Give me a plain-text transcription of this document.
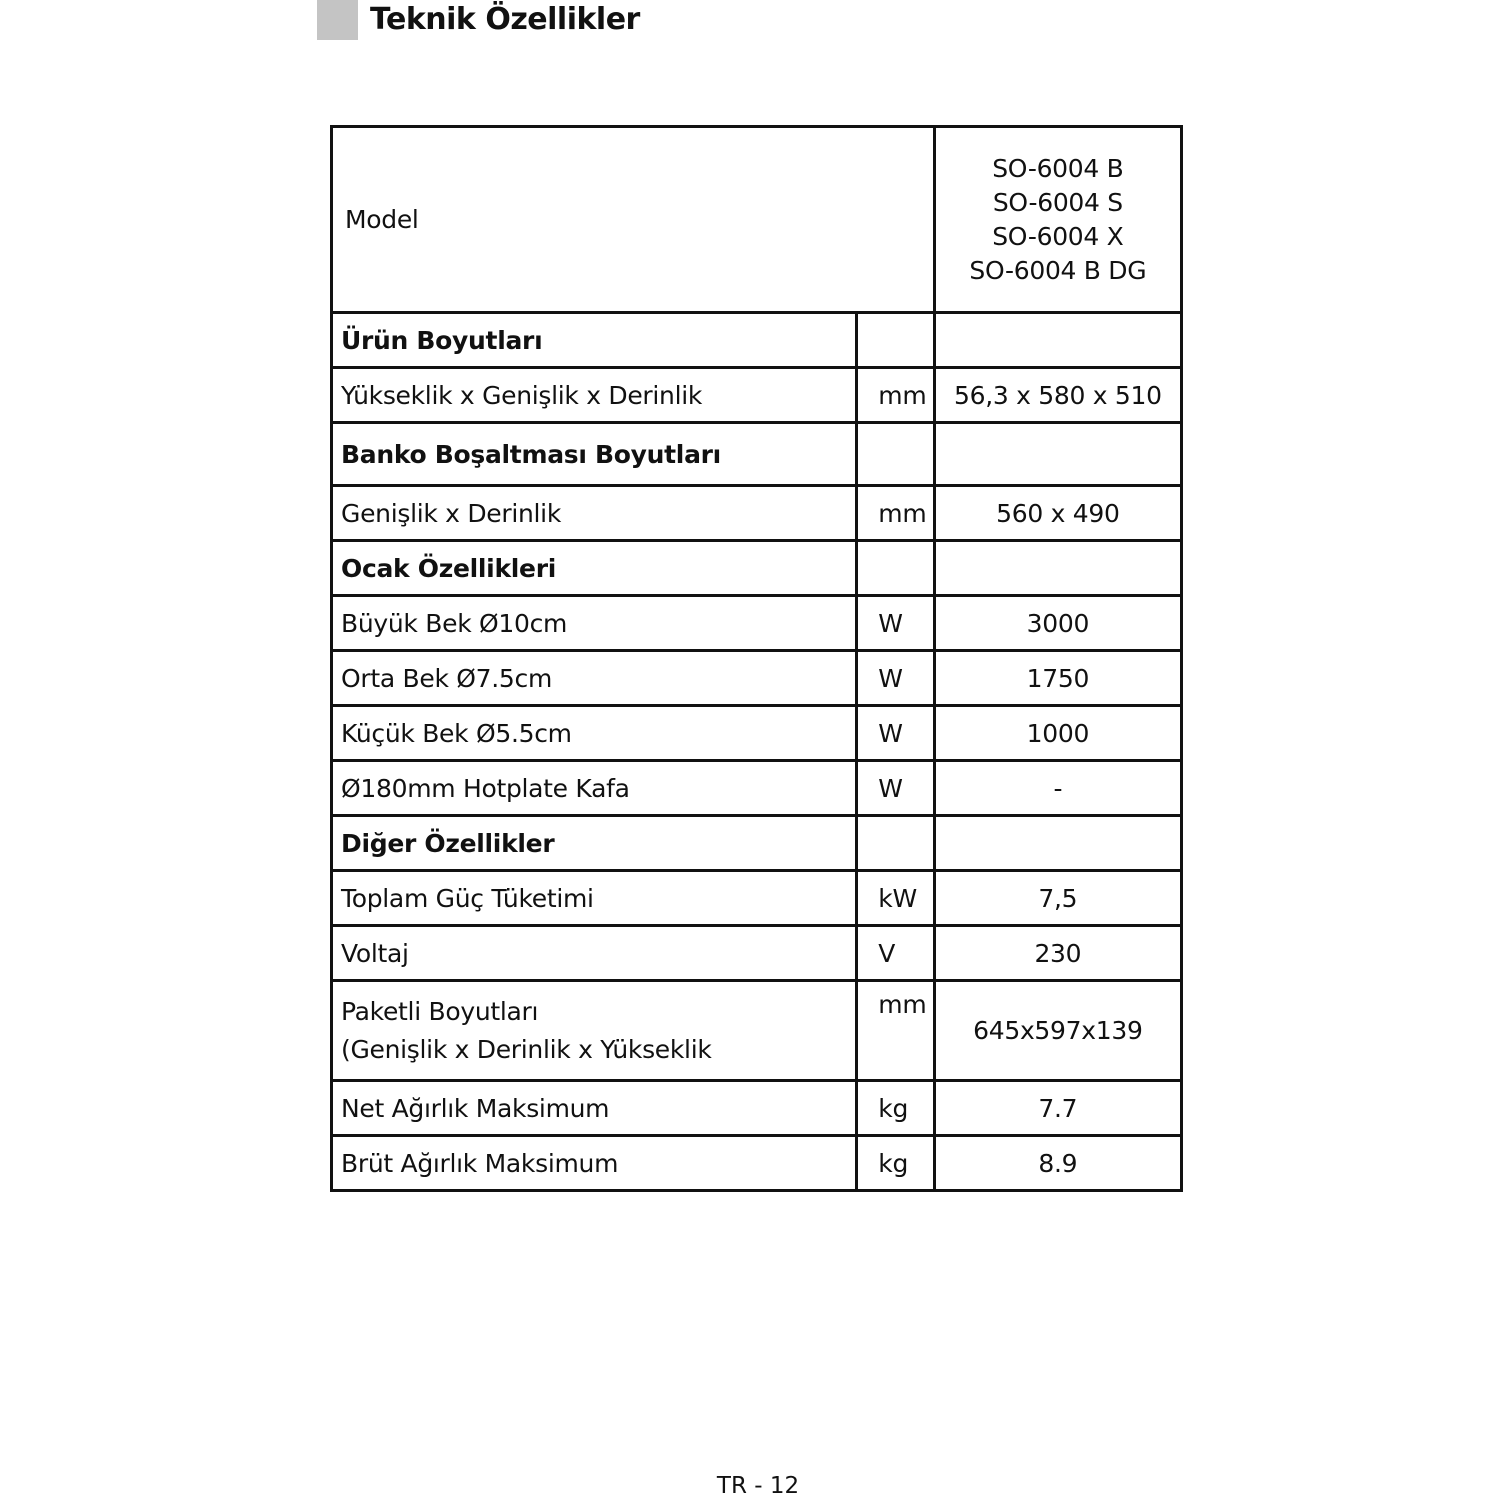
Teknik Özellikler
Model		SO-6004 B
SO-6004 S
SO-6004 X
SO-6004 B DG

Ürün Boyutları		
Yükseklik x Genişlik x Derinlik	mm	56,3 x 580 x 510
Banko Boşaltması Boyutları		
Genişlik x Derinlik	mm	560 x 490
Ocak Özellikleri		
Büyük Bek Ø10cm	W	3000
Orta Bek Ø7.5cm	W	1750
Küçük Bek Ø5.5cm	W	1000
Ø180mm Hotplate Kafa	W	-
Diğer Özellikler		
Toplam Güç Tüketimi	kW	7,5
Voltaj	V	230

Paketli Boyutları
(Genişlik x Derinlik x Yükseklik	mm	645x597x139
Net Ağırlık Maksimum	kg	7.7
Brüt Ağırlık Maksimum	kg	8.9
TR - 12
